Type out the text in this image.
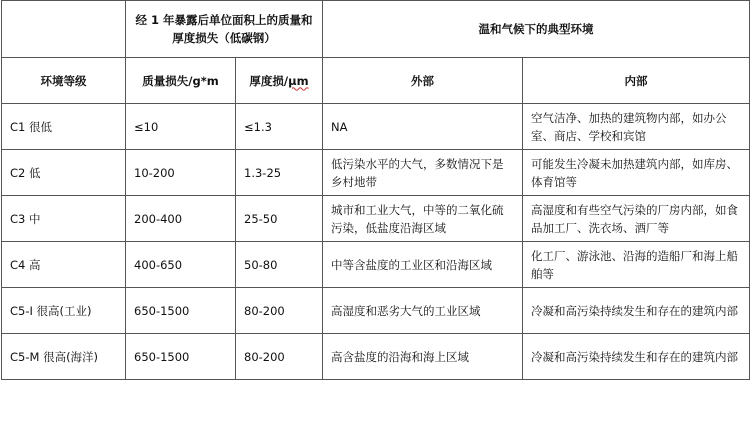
	经 1 年暴露后单位面积上的质量和厚度损失（低碳钢）		温和气候下的典型环境	
环境等级	质量损失/g*m	厚度损/μm	外部	内部
C1 很低	≤10	≤1.3	NA	空气洁净、加热的建筑物内部，如办公室、商店、学校和宾馆
C2 低	10-200	1.3-25	低污染水平的大气，多数情况下是乡村地带	可能发生冷凝未加热建筑内部，如库房、体育馆等
C3 中	200-400	25-50	城市和工业大气，中等的二氧化硫污染，低盐度沿海区域	高湿度和有些空气污染的厂房内部，如食品加工厂、洗衣场、酒厂等
C4 高	400-650	50-80	中等含盐度的工业区和沿海区域	化工厂、游泳池、沿海的造船厂和海上船舶等
C5-I 很高(工业)	650-1500	80-200	高湿度和恶劣大气的工业区域	冷凝和高污染持续发生和存在的建筑内部
C5-M 很高(海洋)	650-1500	80-200	高含盐度的沿海和海上区域	冷凝和高污染持续发生和存在的建筑内部
